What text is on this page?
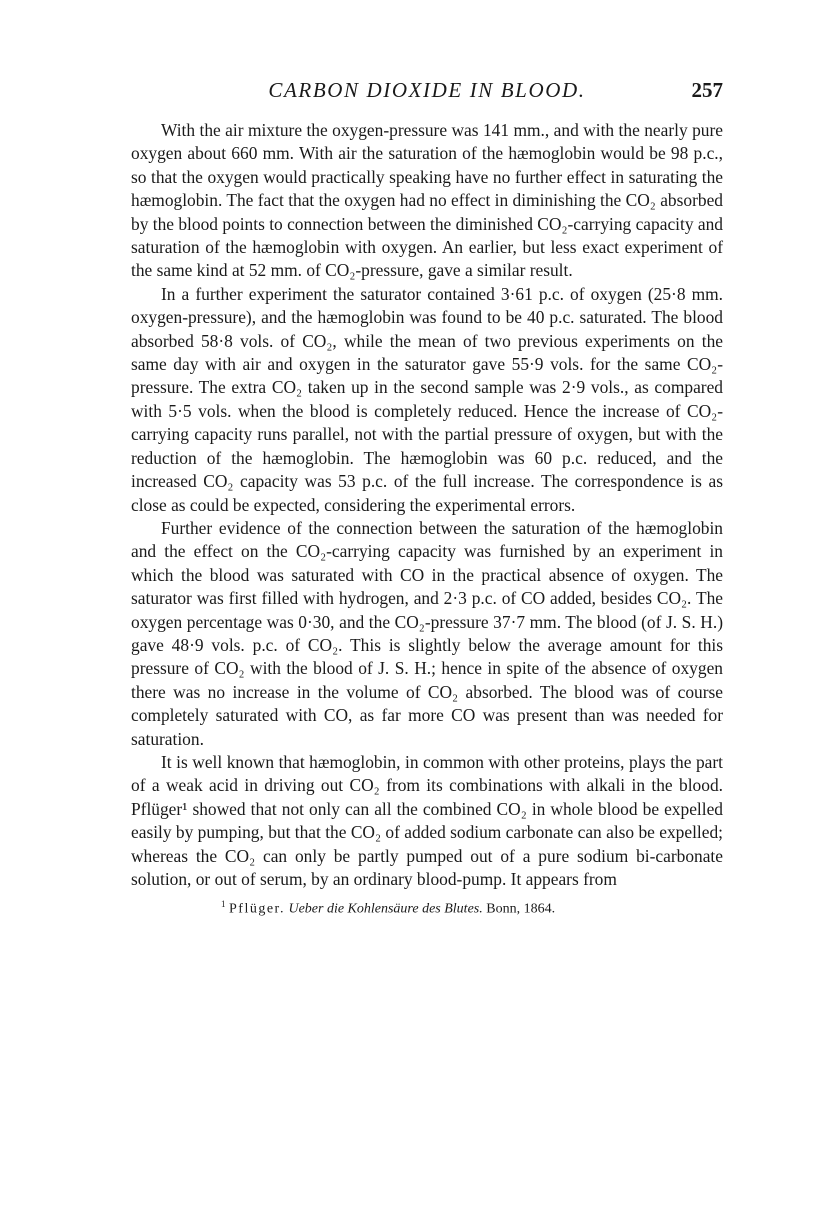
CARBON DIOXIDE IN BLOOD.	257

With the air mixture the oxygen-pressure was 141 mm., and with the nearly pure oxygen about 660 mm. With air the saturation of the hæmoglobin would be 98 p.c., so that the oxygen would practically speaking have no further effect in saturating the hæmoglobin. The fact that the oxygen had no effect in diminishing the CO₂ absorbed by the blood points to connection between the diminished CO₂-carrying capacity and saturation of the hæmoglobin with oxygen. An earlier, but less exact experiment of the same kind at 52 mm. of CO₂-pressure, gave a similar result.

In a further experiment the saturator contained 3·61 p.c. of oxygen (25·8 mm. oxygen-pressure), and the hæmoglobin was found to be 40 p.c. saturated. The blood absorbed 58·8 vols. of CO₂, while the mean of two previous experiments on the same day with air and oxygen in the saturator gave 55·9 vols. for the same CO₂-pressure. The extra CO₂ taken up in the second sample was 2·9 vols., as compared with 5·5 vols. when the blood is completely reduced. Hence the increase of CO₂-carrying capacity runs parallel, not with the partial pressure of oxygen, but with the reduction of the hæmoglobin. The hæmoglobin was 60 p.c. reduced, and the increased CO₂ capacity was 53 p.c. of the full increase. The correspondence is as close as could be expected, considering the experimental errors.

Further evidence of the connection between the saturation of the hæmoglobin and the effect on the CO₂-carrying capacity was furnished by an experiment in which the blood was saturated with CO in the practical absence of oxygen. The saturator was first filled with hydrogen, and 2·3 p.c. of CO added, besides CO₂. The oxygen percentage was 0·30, and the CO₂-pressure 37·7 mm. The blood (of J. S. H.) gave 48·9 vols. p.c. of CO₂. This is slightly below the average amount for this pressure of CO₂ with the blood of J. S. H.; hence in spite of the absence of oxygen there was no increase in the volume of CO₂ absorbed. The blood was of course completely saturated with CO, as far more CO was present than was needed for saturation.

It is well known that hæmoglobin, in common with other proteins, plays the part of a weak acid in driving out CO₂ from its combinations with alkali in the blood. Pflüger¹ showed that not only can all the combined CO₂ in whole blood be expelled easily by pumping, but that the CO₂ of added sodium carbonate can also be expelled; whereas the CO₂ can only be partly pumped out of a pure sodium bi-carbonate solution, or out of serum, by an ordinary blood-pump. It appears from

$^1$ Pflüger. Ueber die Kohlensäure des Blutes. Bonn, 1864.
